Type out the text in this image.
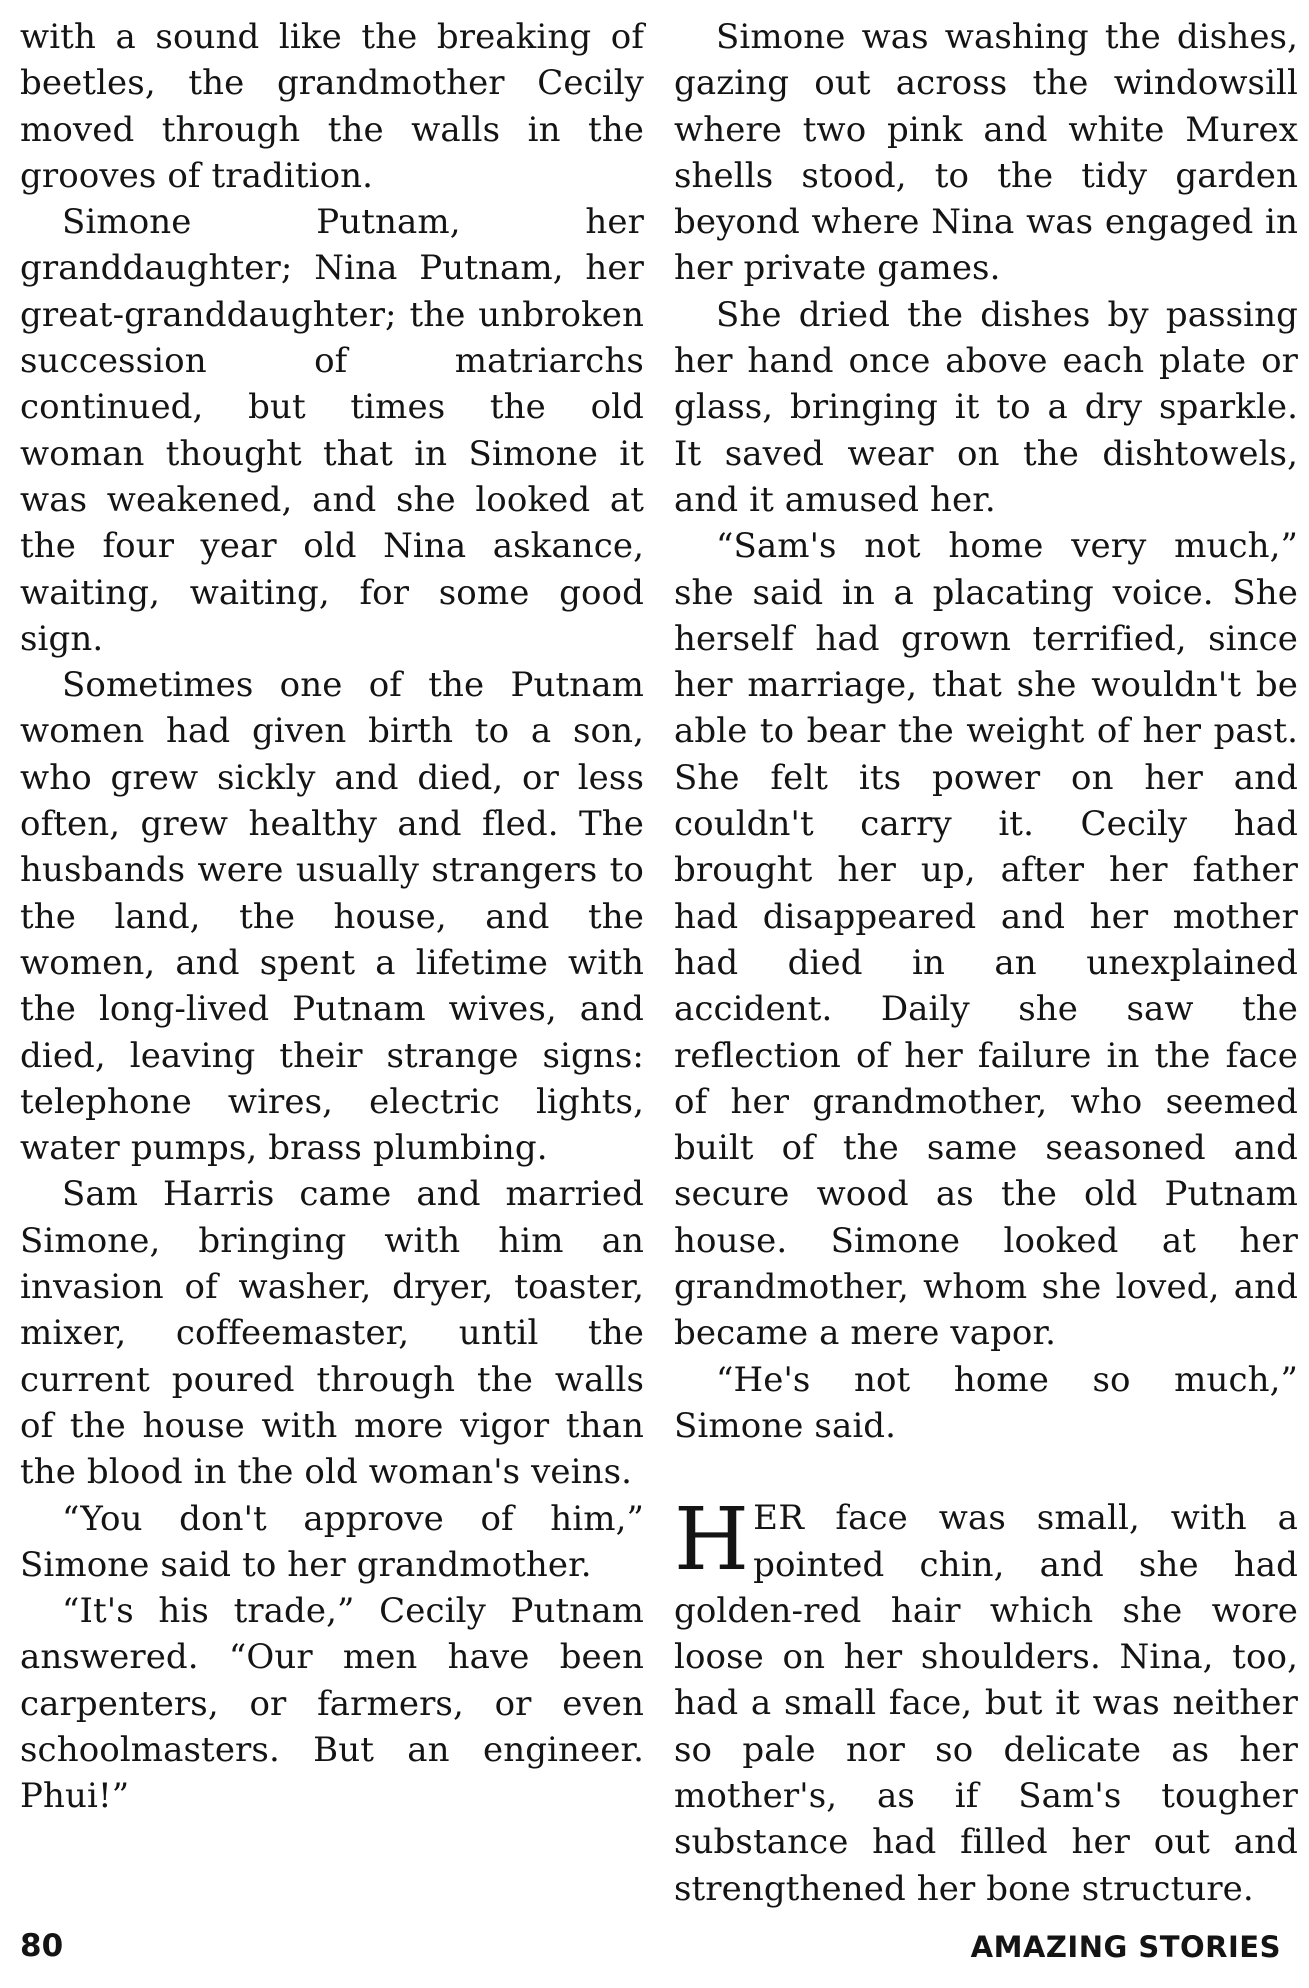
with a sound like the breaking of beetles, the grandmother Cecily moved through the walls in the grooves of tradition.

Simone Putnam, her granddaughter; Nina Putnam, her great-granddaughter; the unbroken succession of matriarchs continued, but times the old woman thought that in Simone it was weakened, and she looked at the four year old Nina askance, waiting, waiting, for some good sign.

Sometimes one of the Putnam women had given birth to a son, who grew sickly and died, or less often, grew healthy and fled. The husbands were usually strangers to the land, the house, and the women, and spent a lifetime with the long-lived Putnam wives, and died, leaving their strange signs: telephone wires, electric lights, water pumps, brass plumbing.

Sam Harris came and married Simone, bringing with him an invasion of washer, dryer, toaster, mixer, coffeemaster, until the current poured through the walls of the house with more vigor than the blood in the old woman's veins.

“You don't approve of him,” Simone said to her grandmother.

“It's his trade,” Cecily Putnam answered. “Our men have been carpenters, or farmers, or even schoolmasters. But an engineer. Phui!”

Simone was washing the dishes, gazing out across the windowsill where two pink and white Murex shells stood, to the tidy garden beyond where Nina was engaged in her private games.

She dried the dishes by passing her hand once above each plate or glass, bringing it to a dry sparkle. It saved wear on the dishtowels, and it amused her.

“Sam's not home very much,” she said in a placating voice. She herself had grown terrified, since her marriage, that she wouldn't be able to bear the weight of her past. She felt its power on her and couldn't carry it. Cecily had brought her up, after her father had disappeared and her mother had died in an unexplained accident. Daily she saw the reflection of her failure in the face of her grandmother, who seemed built of the same seasoned and secure wood as the old Putnam house. Simone looked at her grandmother, whom she loved, and became a mere vapor.

“He's not home so much,” Simone said.

HER face was small, with a pointed chin, and she had golden-red hair which she wore loose on her shoulders. Nina, too, had a small face, but it was neither so pale nor so delicate as her mother's, as if Sam's tougher substance had filled her out and strengthened her bone structure.

80	AMAZING STORIES
